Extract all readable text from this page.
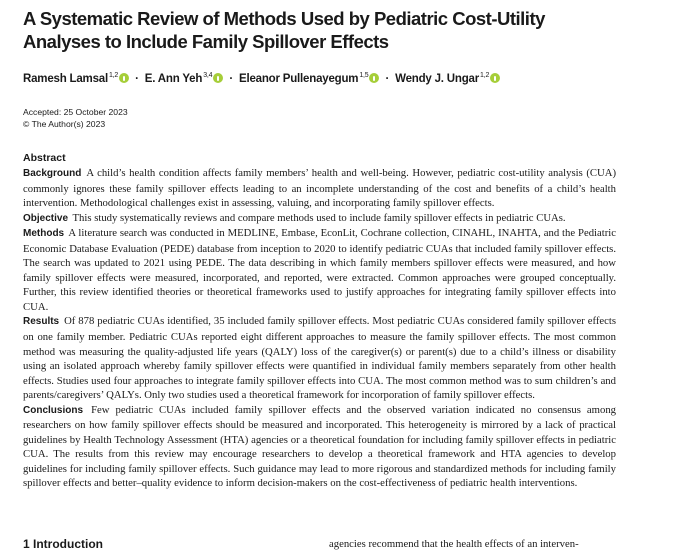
A Systematic Review of Methods Used by Pediatric Cost-Utility
Analyses to Include Family Spillover Effects
Ramesh Lamsal$^{1,2}$ · E. Ann Yeh$^{3,4}$ · Eleanor Pullenayegum$^{1,5}$ · Wendy J. Ungar$^{1,2}$
Accepted: 25 October 2023
© The Author(s) 2023
Abstract

Background A child’s health condition affects family members’ health and well-being. However, pediatric cost-utility analysis (CUA) commonly ignores these family spillover effects leading to an incomplete understanding of the cost and benefits of a child’s health intervention. Methodological challenges exist in assessing, valuing, and incorporating family spillover effects.

Objective This study systematically reviews and compare methods used to include family spillover effects in pediatric CUAs.

Methods A literature search was conducted in MEDLINE, Embase, EconLit, Cochrane collection, CINAHL, INAHTA, and the Pediatric Economic Database Evaluation (PEDE) database from inception to 2020 to identify pediatric CUAs that included family spillover effects. The search was updated to 2021 using PEDE. The data describing in which family members spillover effects were measured, and how family spillover effects were measured, incorporated, and reported, were extracted. Common approaches were grouped conceptually. Further, this review identified theories or theoretical frameworks used to justify approaches for integrating family spillover effects into CUA.

Results Of 878 pediatric CUAs identified, 35 included family spillover effects. Most pediatric CUAs considered family spillover effects on one family member. Pediatric CUAs reported eight different approaches to measure the family spillover effects. The most common method was measuring the quality-adjusted life years (QALY) loss of the caregiver(s) or parent(s) due to a child’s illness or disability using an isolated approach whereby family spillover effects were quantified in individual family members separately from other health effects. Studies used four approaches to integrate family spillover effects into CUA. The most common method was to sum children’s and parents/caregivers’ QALYs. Only two studies used a theoretical framework for incorporation of family spillover effects.

Conclusions Few pediatric CUAs included family spillover effects and the observed variation indicated no consensus among researchers on how family spillover effects should be measured and incorporated. This heterogeneity is mirrored by a lack of practical guidelines by Health Technology Assessment (HTA) agencies or a theoretical foundation for including family spillover effects in pediatric CUA. The results from this review may encourage researchers to develop a theoretical framework and HTA agencies to develop guidelines for including family spillover effects. Such guidance may lead to more rigorous and standardized methods for including family spillover effects and better–quality evidence to inform decision-makers on the cost-effectiveness of pediatric health interventions.

1 Introduction	agencies recommend that the health effects of an interven-
